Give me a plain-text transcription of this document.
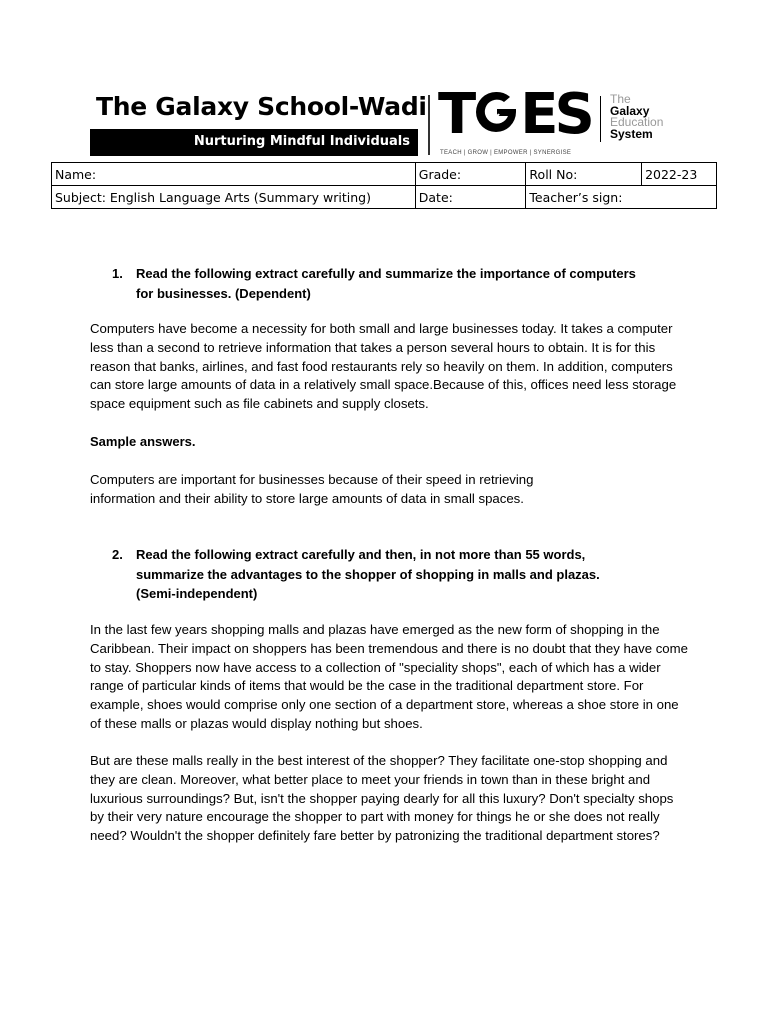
The Galaxy School-Wadi
Nurturing Mindful Individuals T ES
TEACH | GROW | EMPOWER | SYNERGISE
The
Galaxy
Education
System
Name:	Grade:	Roll No:	2022-23
Subject: English Language Arts (Summary writing)	Date:	Teacher’s sign:	
1. Read the following extract carefully and summarize the importance of computers
for businesses. (Dependent)

Computers have become a necessity for both small and large businesses today. It takes a computer less than a second to retrieve information that takes a person several hours to obtain. It is for this reason that banks, airlines, and fast food restaurants rely so heavily on them. In addition, computers can store large amounts of data in a relatively small space.Because of this, offices need less storage space equipment such as file cabinets and supply closets.

Sample answers.

Computers are important for businesses because of their speed in retrieving information and their ability to store large amounts of data in small spaces.

2. Read the following extract carefully and then, in not more than 55 words,
summarize the advantages to the shopper of shopping in malls and plazas.
(Semi-independent)

In the last few years shopping malls and plazas have emerged as the new form of shopping in the Caribbean. Their impact on shoppers has been tremendous and there is no doubt that they have come to stay. Shoppers now have access to a collection of "speciality shops", each of which has a wider range of particular kinds of items that would be the case in the traditional department store. For example, shoes would comprise only one section of a department store, whereas a shoe store in one of these malls or plazas would display nothing but shoes.

But are these malls really in the best interest of the shopper? They facilitate one-stop shopping and they are clean. Moreover, what better place to meet your friends in town than in these bright and luxurious surroundings? But, isn't the shopper paying dearly for all this luxury? Don't specialty shops by their very nature encourage the shopper to part with money for things he or she does not really need? Wouldn't the shopper definitely fare better by patronizing the traditional department stores?
